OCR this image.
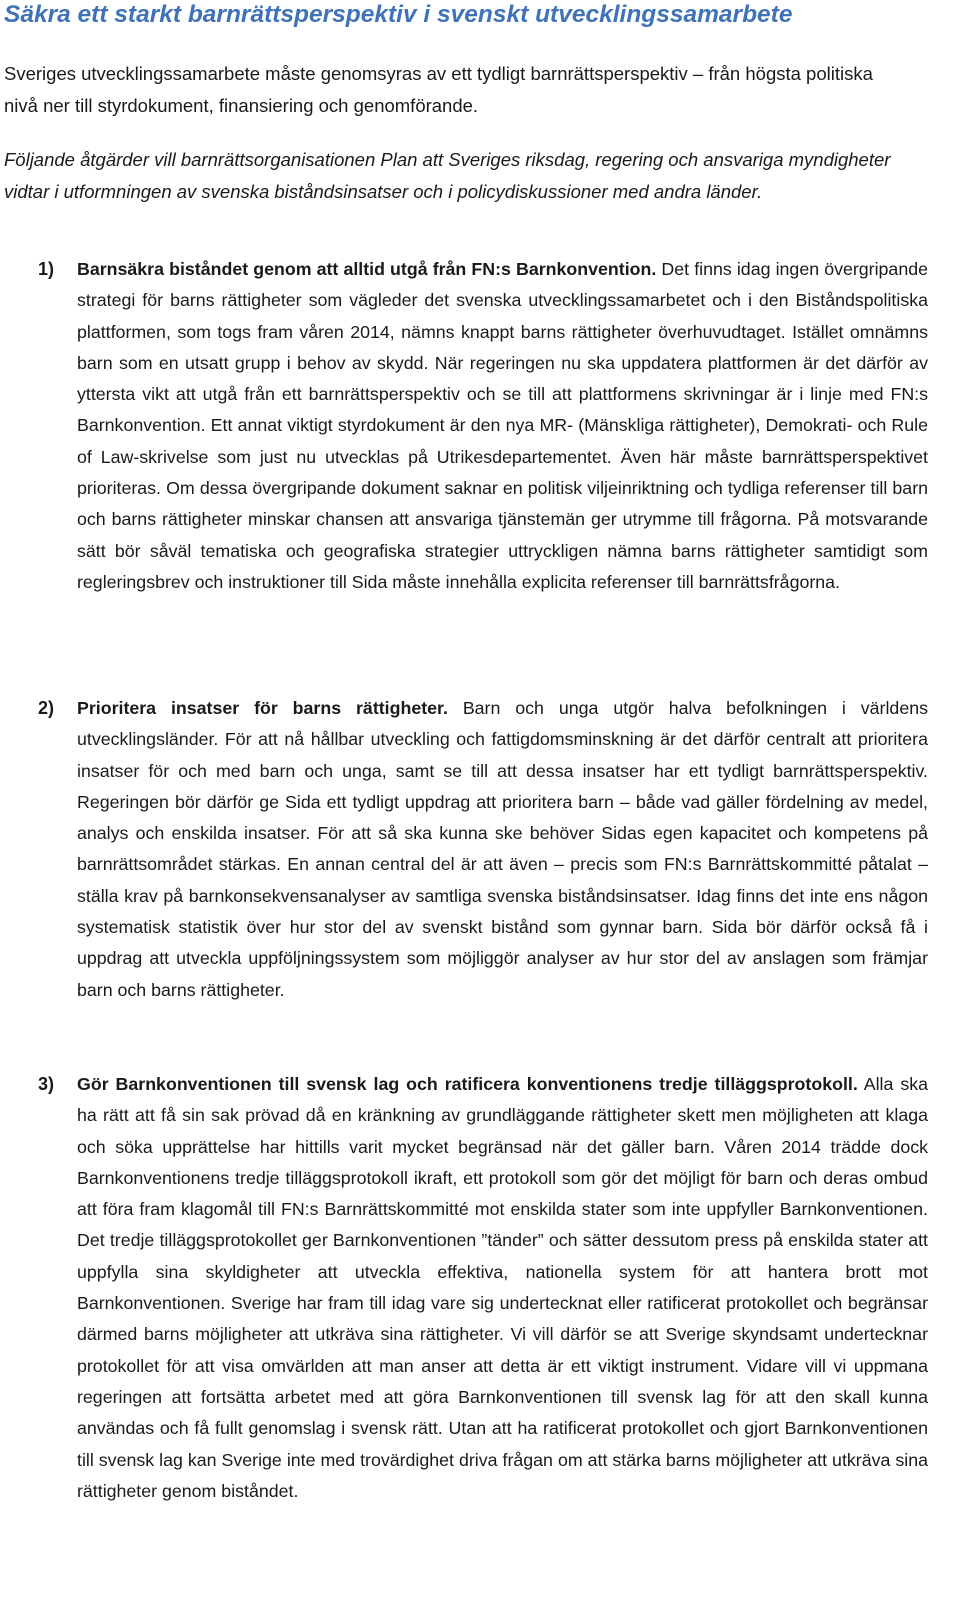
Säkra ett starkt barnrättsperspektiv i svenskt utvecklingssamarbete

Sveriges utvecklingssamarbete måste genomsyras av ett tydligt barnrättsperspektiv – från högsta politiska nivå ner till styrdokument, finansiering och genomförande.

Följande åtgärder vill barnrättsorganisationen Plan att Sveriges riksdag, regering och ansvariga myndigheter vidtar i utformningen av svenska biståndsinsatser och i policydiskussioner med andra länder.

1) Barnsäkra biståndet genom att alltid utgå från FN:s Barnkonvention. Det finns idag ingen övergripande strategi för barns rättigheter som vägleder det svenska utvecklingssamarbetet och i den Biståndspolitiska plattformen, som togs fram våren 2014, nämns knappt barns rättigheter överhuvudtaget. Istället omnämns barn som en utsatt grupp i behov av skydd. När regeringen nu ska uppdatera plattformen är det därför av yttersta vikt att utgå från ett barnrättsperspektiv och se till att plattformens skrivningar är i linje med FN:s Barnkonvention. Ett annat viktigt styrdokument är den nya MR- (Mänskliga rättigheter), Demokrati- och Rule of Law-skrivelse som just nu utvecklas på Utrikesdepartementet. Även här måste barnrättsperspektivet prioriteras. Om dessa övergripande dokument saknar en politisk viljeinriktning och tydliga referenser till barn och barns rättigheter minskar chansen att ansvariga tjänstemän ger utrymme till frågorna. På motsvarande sätt bör såväl tematiska och geografiska strategier uttryckligen nämna barns rättigheter samtidigt som regleringsbrev och instruktioner till Sida måste innehålla explicita referenser till barnrättsfrågorna.

2) Prioritera insatser för barns rättigheter. Barn och unga utgör halva befolkningen i världens utvecklingsländer. För att nå hållbar utveckling och fattigdomsminskning är det därför centralt att prioritera insatser för och med barn och unga, samt se till att dessa insatser har ett tydligt barnrättsperspektiv. Regeringen bör därför ge Sida ett tydligt uppdrag att prioritera barn – både vad gäller fördelning av medel, analys och enskilda insatser. För att så ska kunna ske behöver Sidas egen kapacitet och kompetens på barnrättsområdet stärkas. En annan central del är att även – precis som FN:s Barnrättskommitté påtalat – ställa krav på barnkonsekvensanalyser av samtliga svenska biståndsinsatser. Idag finns det inte ens någon systematisk statistik över hur stor del av svenskt bistånd som gynnar barn. Sida bör därför också få i uppdrag att utveckla uppföljningssystem som möjliggör analyser av hur stor del av anslagen som främjar barn och barns rättigheter.

3) Gör Barnkonventionen till svensk lag och ratificera konventionens tredje tilläggsprotokoll. Alla ska ha rätt att få sin sak prövad då en kränkning av grundläggande rättigheter skett men möjligheten att klaga och söka upprättelse har hittills varit mycket begränsad när det gäller barn. Våren 2014 trädde dock Barnkonventionens tredje tilläggsprotokoll ikraft, ett protokoll som gör det möjligt för barn och deras ombud att föra fram klagomål till FN:s Barnrättskommitté mot enskilda stater som inte uppfyller Barnkonventionen. Det tredje tilläggsprotokollet ger Barnkonventionen ”tänder” och sätter dessutom press på enskilda stater att uppfylla sina skyldigheter att utveckla effektiva, nationella system för att hantera brott mot Barnkonventionen. Sverige har fram till idag vare sig undertecknat eller ratificerat protokollet och begränsar därmed barns möjligheter att utkräva sina rättigheter. Vi vill därför se att Sverige skyndsamt undertecknar protokollet för att visa omvärlden att man anser att detta är ett viktigt instrument. Vidare vill vi uppmana regeringen att fortsätta arbetet med att göra Barnkonventionen till svensk lag för att den skall kunna användas och få fullt genomslag i svensk rätt. Utan att ha ratificerat protokollet och gjort Barnkonventionen till svensk lag kan Sverige inte med trovärdighet driva frågan om att stärka barns möjligheter att utkräva sina rättigheter genom biståndet.
